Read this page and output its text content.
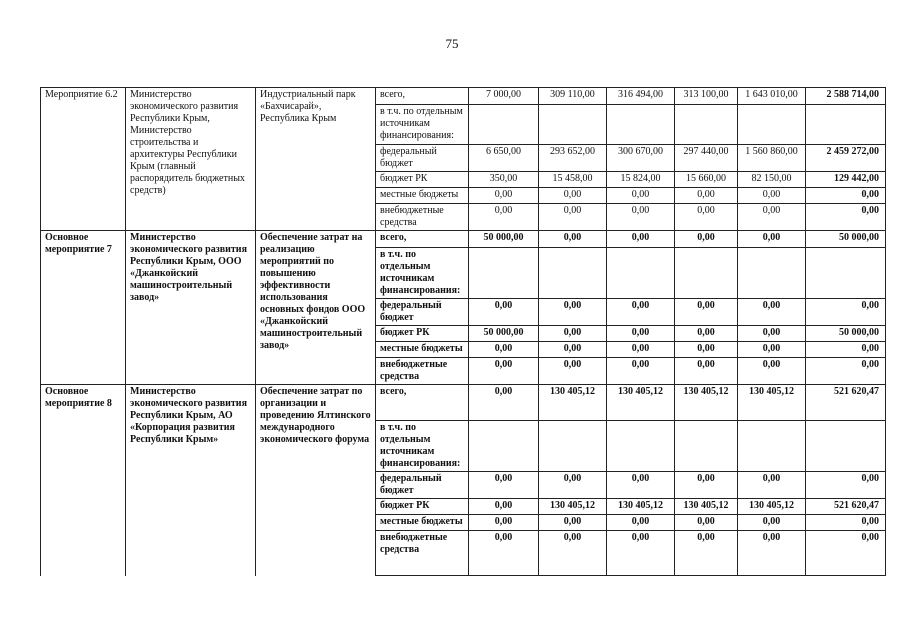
75
Мероприятие 6.2	Министерство экономического развития Республики Крым, Министерство строительства и архитектуры Республики Крым (главный распорядитель бюджетных средств)	Индустриальный парк «Бахчисарай», Республика Крым	всего,	7 000,00	309 110,00	316 494,00	313 100,00	1 643 010,00	2 588 714,00
			в т.ч. по отдельным источникам финансирования:						
			федеральный бюджет	6 650,00	293 652,00	300 670,00	297 440,00	1 560 860,00	2 459 272,00
			бюджет РК	350,00	15 458,00	15 824,00	15 660,00	82 150,00	129 442,00
			местные бюджеты	0,00	0,00	0,00	0,00	0,00	0,00
			внебюджетные средства	0,00	0,00	0,00	0,00	0,00	0,00
Основное мероприятие 7	Министерство экономического развития Республики Крым, ООО «Джанкойский машиностроительный завод»	Обеспечение затрат на реализацию мероприятий по повышению эффективности использования основных фондов ООО «Джанкойский машиностроительный завод»	всего,	50 000,00	0,00	0,00	0,00	0,00	50 000,00
			в т.ч. по отдельным источникам финансирования:						
			федеральный бюджет	0,00	0,00	0,00	0,00	0,00	0,00
			бюджет РК	50 000,00	0,00	0,00	0,00	0,00	50 000,00
			местные бюджеты	0,00	0,00	0,00	0,00	0,00	0,00
			внебюджетные средства	0,00	0,00	0,00	0,00	0,00	0,00
Основное мероприятие 8	Министерство экономического развития Республики Крым, АО «Корпорация развития Республики Крым»	Обеспечение затрат по организации и проведению Ялтинского международного экономического форума	всего,	0,00	130 405,12	130 405,12	130 405,12	130 405,12	521 620,47
			в т.ч. по отдельным источникам финансирования:						
			федеральный бюджет	0,00	0,00	0,00	0,00	0,00	0,00
			бюджет РК	0,00	130 405,12	130 405,12	130 405,12	130 405,12	521 620,47
			местные бюджеты	0,00	0,00	0,00	0,00	0,00	0,00
			внебюджетные средства	0,00	0,00	0,00	0,00	0,00	0,00
